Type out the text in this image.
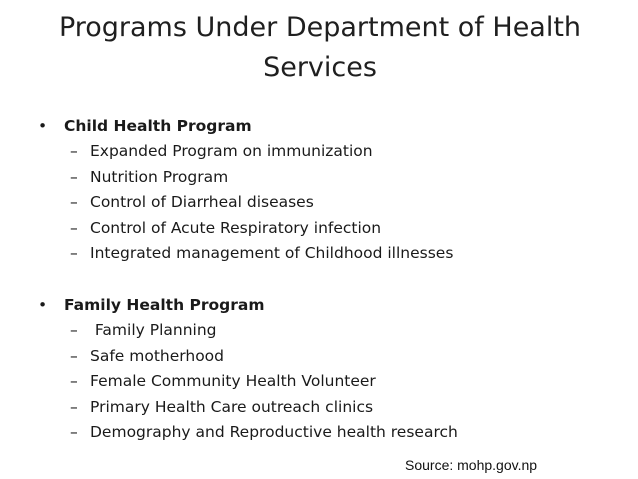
Programs Under Department of Health
Services
• Child Health Program
– Expanded Program on immunization
– Nutrition Program
– Control of Diarrheal diseases
– Control of Acute Respiratory infection
– Integrated management of Childhood illnesses
• Family Health Program
– Family Planning
– Safe motherhood
– Female Community Health Volunteer
– Primary Health Care outreach clinics
– Demography and Reproductive health research
Source: mohp.gov.np
